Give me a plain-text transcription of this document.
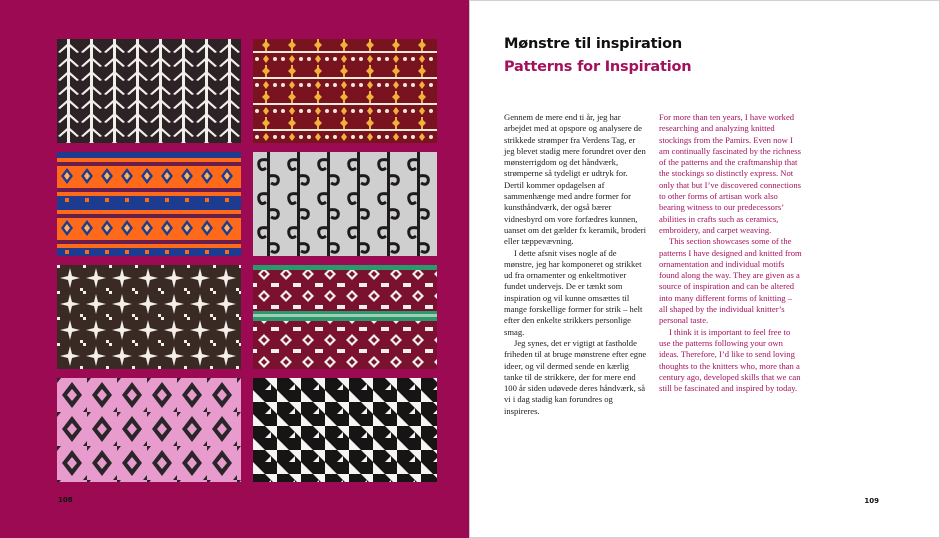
108
Mønstre til inspiration
Patterns for Inspiration

Gennem de mere end ti år, jeg har arbejdet med at opspore og analysere de strikkede strømper fra Verdens Tag, er jeg blevet stadig mere forundret over den mønsterrigdom og det håndværk, strømperne så tydeligt er udtryk for. Dertil kommer opdagelsen af sammenhænge med andre former for kunsthåndværk, der også bærer vidnesbyrd om vore forfædres kunnen, uanset om det gælder fx keramik, broderi eller tæppevævning.

I dette afsnit vises nogle af de mønstre, jeg har komponeret og strikket ud fra ornamenter og enkeltmotiver fundet undervejs. De er tænkt som inspiration og vil kunne omsættes til mange forskellige former for strik – helt efter den enkelte strikkers personlige smag.

Jeg synes, det er vigtigt at fastholde friheden til at bruge mønstrene efter egne ideer, og vil dermed sende en kærlig tanke til de strikkere, der for mere end 100 år siden udøvede deres håndværk, så vi i dag stadig kan forundres og inspireres.

For more than ten years, I have worked researching and analyzing knitted stockings from the Pamirs. Even now I am continually fascinated by the richness of the patterns and the craftmanship that the stockings so distinctly express. Not only that but I’ve discovered connections to other forms of artisan work also bearing witness to our predecessors’ abilities in crafts such as ceramics, embroidery, and carpet weaving.

This section showcases some of the patterns I have designed and knitted from ornamentation and individual motifs found along the way. They are given as a source of inspiration and can be altered into many different forms of knitting – all shaped by the individual knitter’s personal taste.

I think it is important to feel free to use the patterns following your own ideas. Therefore, I’d like to send loving thoughts to the knitters who, more than a century ago, developed skills that we can still be fascinated and inspired by today.

109
